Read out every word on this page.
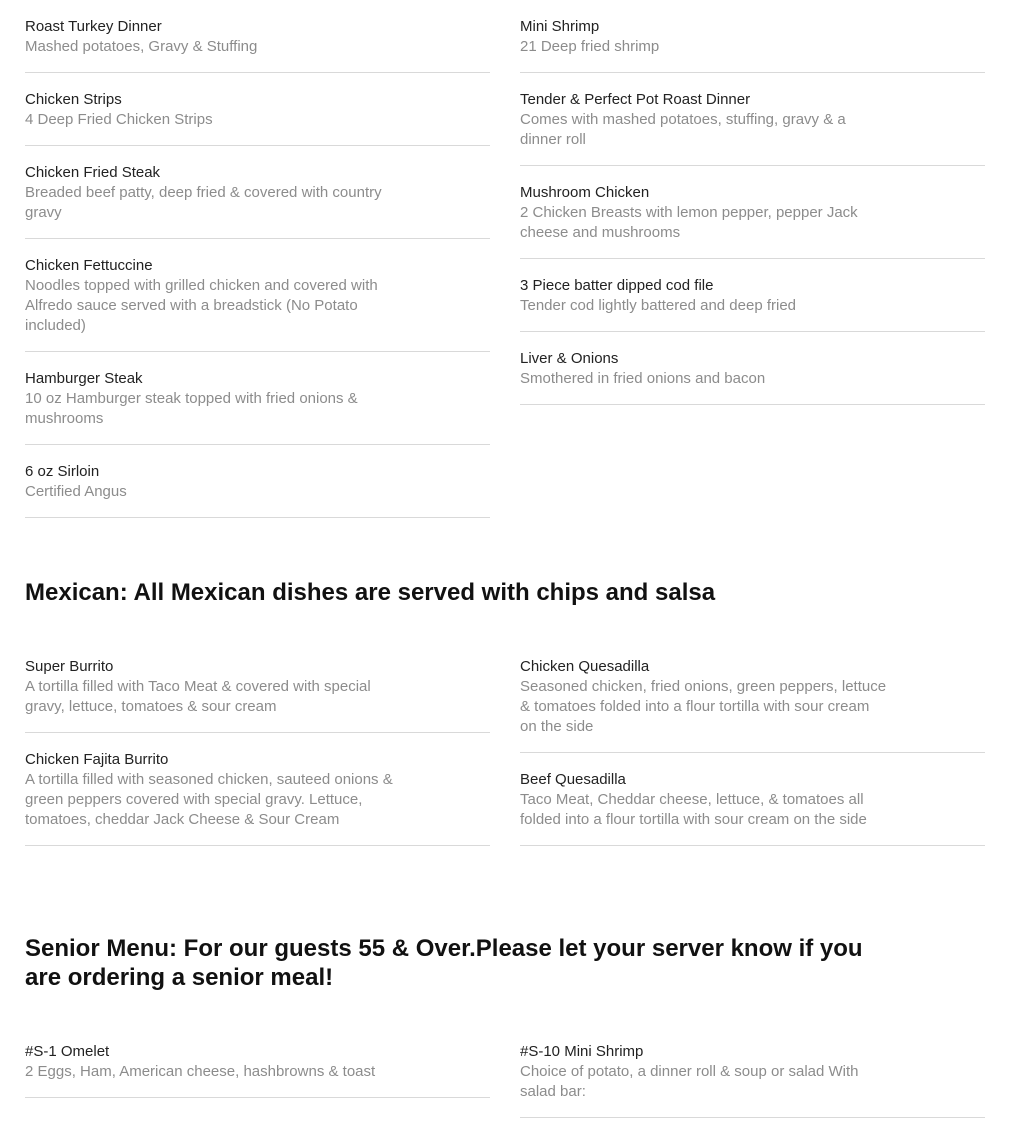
Roast Turkey Dinner
Mashed potatoes, Gravy & Stuffing
Chicken Strips
4 Deep Fried Chicken Strips
Chicken Fried Steak
Breaded beef patty, deep fried & covered with country gravy
Chicken Fettuccine
Noodles topped with grilled chicken and covered with Alfredo sauce served with a breadstick (No Potato included)
Hamburger Steak
10 oz Hamburger steak topped with fried onions & mushrooms
6 oz Sirloin
Certified Angus
Mini Shrimp
21 Deep fried shrimp
Tender & Perfect Pot Roast Dinner
Comes with mashed potatoes, stuffing, gravy & a dinner roll
Mushroom Chicken
2 Chicken Breasts with lemon pepper, pepper Jack cheese and mushrooms
3 Piece batter dipped cod file
Tender cod lightly battered and deep fried
Liver & Onions
Smothered in fried onions and bacon
Mexican: All Mexican dishes are served with chips and salsa
Super Burrito
A tortilla filled with Taco Meat & covered with special gravy, lettuce, tomatoes & sour cream
Chicken Fajita Burrito
A tortilla filled with seasoned chicken, sauteed onions & green peppers covered with special gravy. Lettuce, tomatoes, cheddar Jack Cheese & Sour Cream
Chicken Quesadilla
Seasoned chicken, fried onions, green peppers, lettuce & tomatoes folded into a flour tortilla with sour cream on the side
Beef Quesadilla
Taco Meat, Cheddar cheese, lettuce, & tomatoes all folded into a flour tortilla with sour cream on the side
Senior Menu: For our guests 55 & Over.Please let your server know if you are ordering a senior meal!
#S-1 Omelet
2 Eggs, Ham, American cheese, hashbrowns & toast
#S-10 Mini Shrimp
Choice of potato, a dinner roll & soup or salad With salad bar:
